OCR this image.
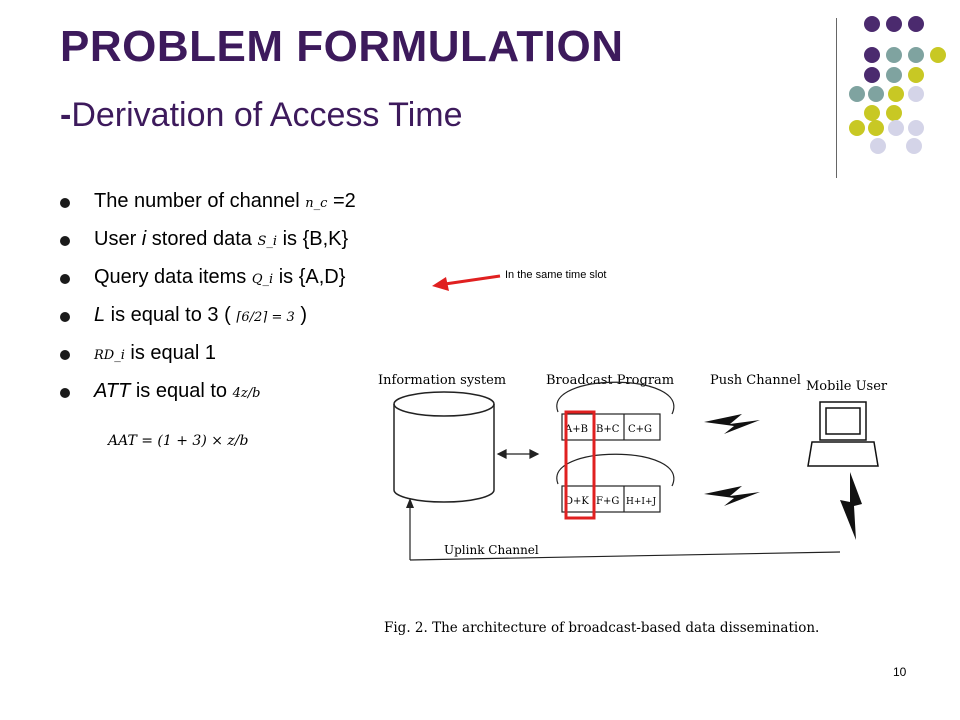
PROBLEM FORMULATION
-Derivation of Access Time
The number of channel n_c =2
User i stored data S_i is {B,K}
Query data items Q_i is {A,D}
L is equal to 3 ( ⌈6/2⌉ = 3 )
RD_i is equal 1
ATT is equal to 4z/b
AAT = (1 + 3) × z/b
In the same time slot
Information system	Broadcast Program	Push Channel Mobile User
A+B B+C C+G
D+K F+G H+I+J
Uplink Channel
Fig. 2. The architecture of broadcast-based data dissemination.
10
